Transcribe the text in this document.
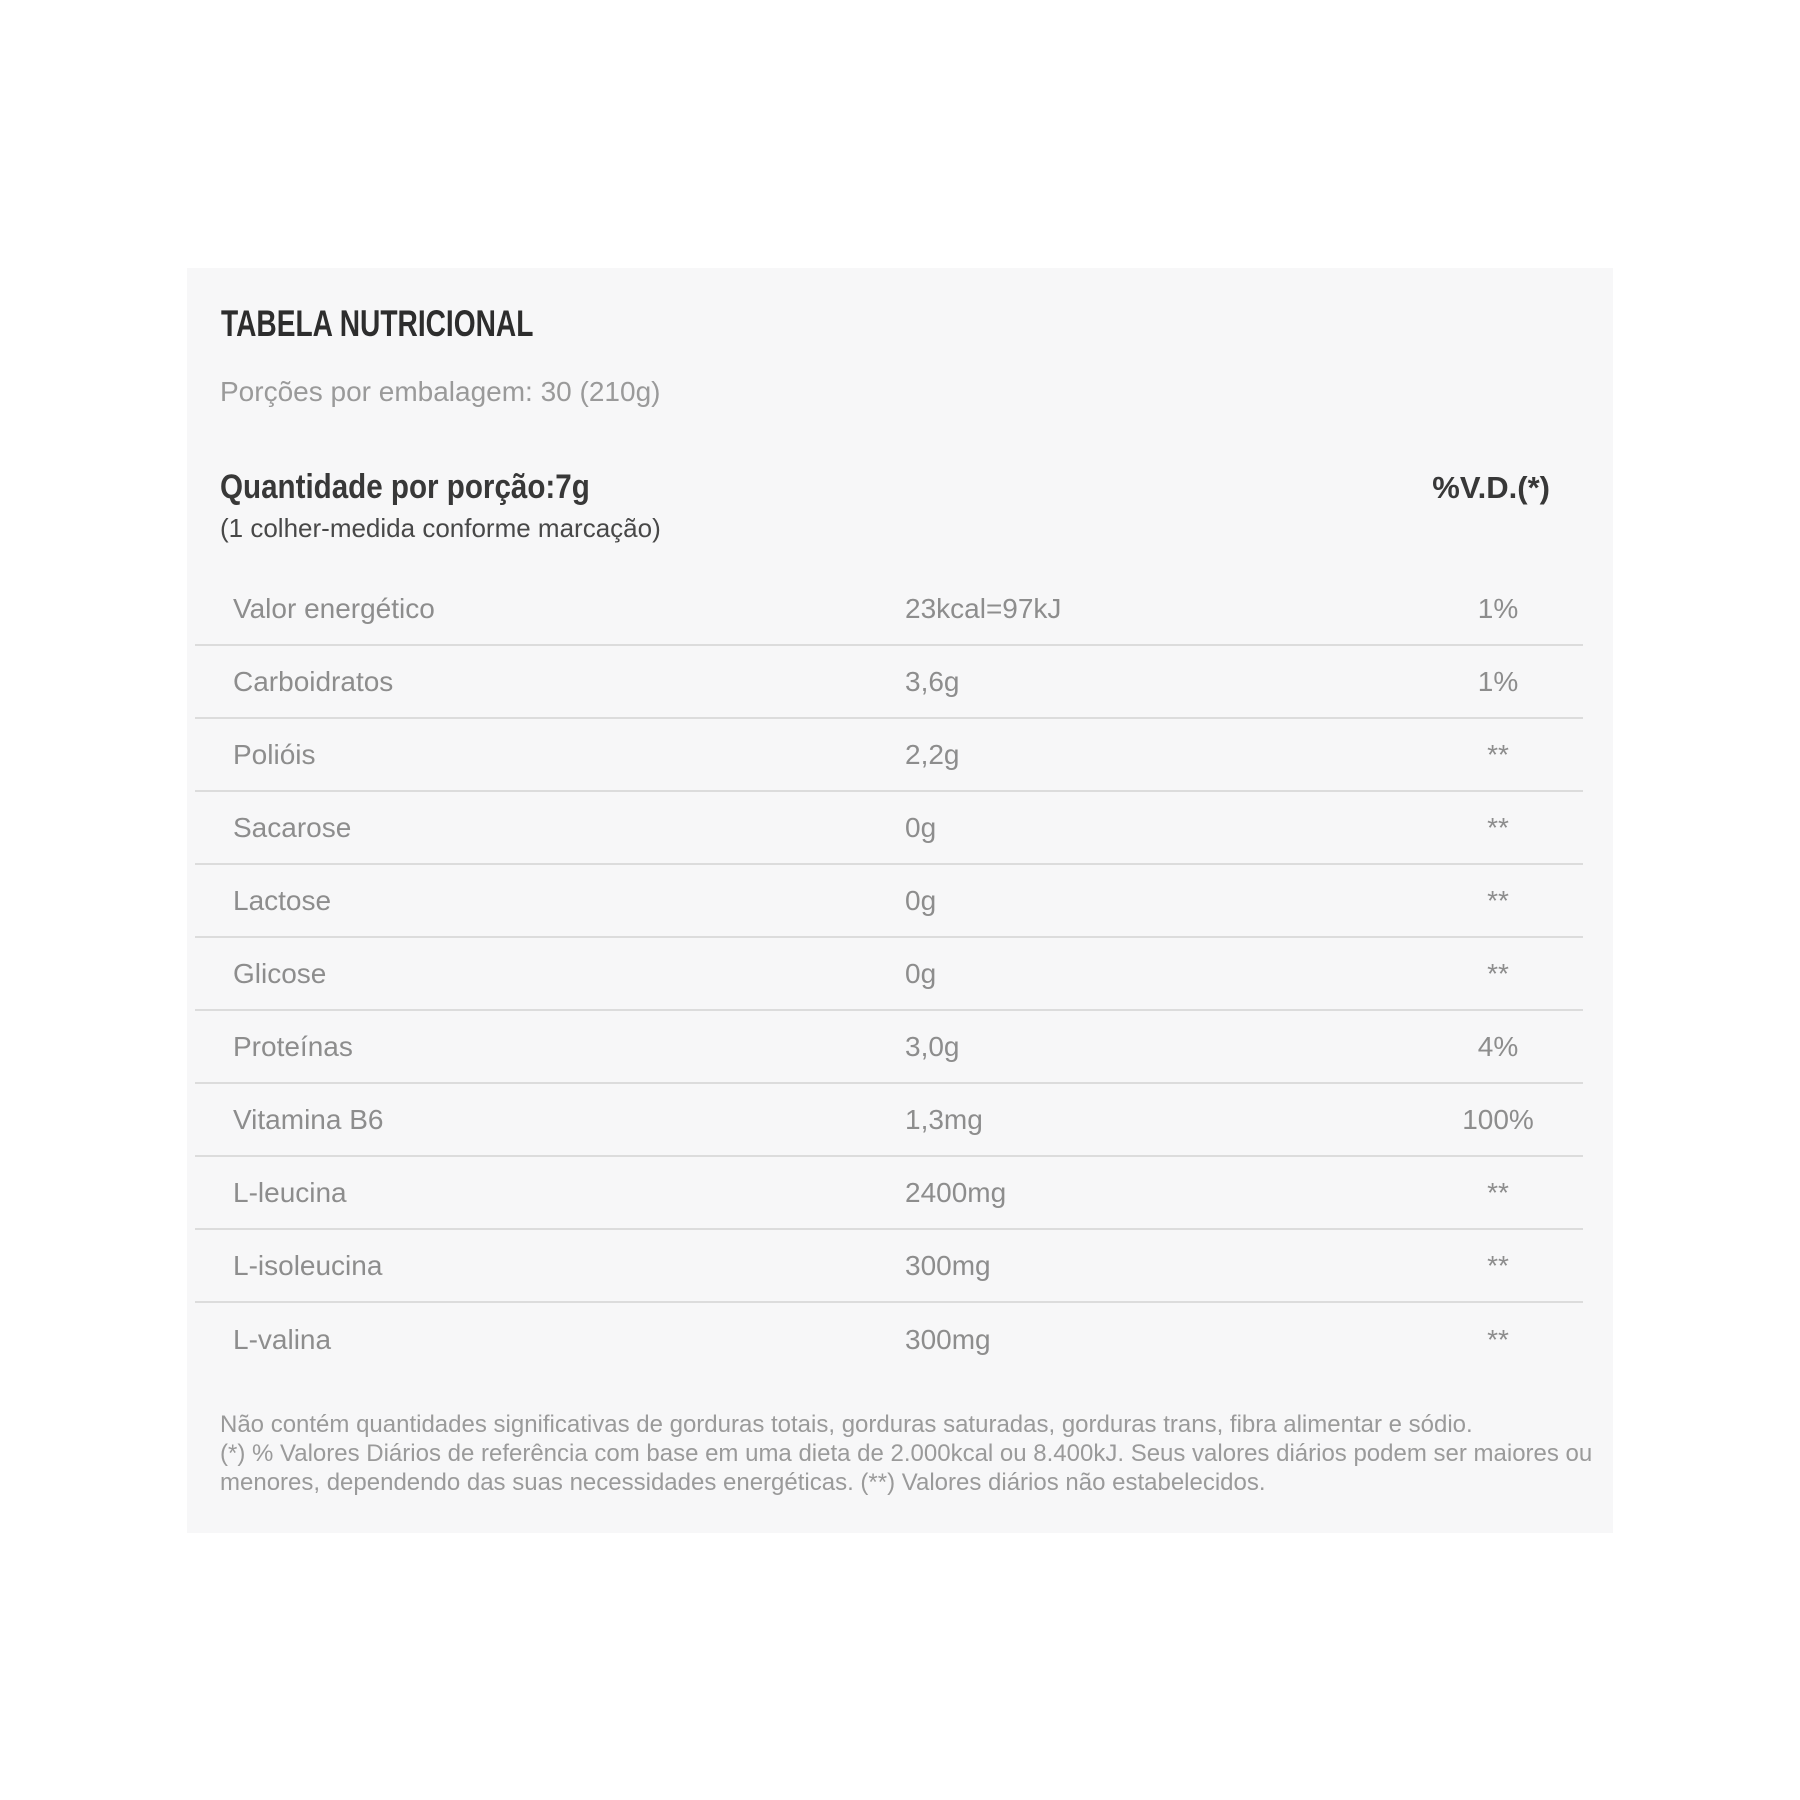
TABELA NUTRICIONAL
Porções por embalagem: 30 (210g)
Quantidade por porção:7g	%V.D.(*)
(1 colher-medida conforme marcação)
Valor energético	23kcal=97kJ	1%
Carboidratos	3,6g	1%
Polióis	2,2g	**
Sacarose	0g	**
Lactose	0g	**
Glicose	0g	**
Proteínas	3,0g	4%
Vitamina B6	1,3mg	100%
L-leucina	2400mg	**
L-isoleucina	300mg	**
L-valina	300mg	**

Não contém quantidades significativas de gorduras totais, gorduras saturadas, gorduras trans, fibra alimentar e sódio.

(*) % Valores Diários de referência com base em uma dieta de 2.000kcal ou 8.400kJ. Seus valores diários podem ser maiores ou menores, dependendo das suas necessidades energéticas. (**) Valores diários não estabelecidos.
